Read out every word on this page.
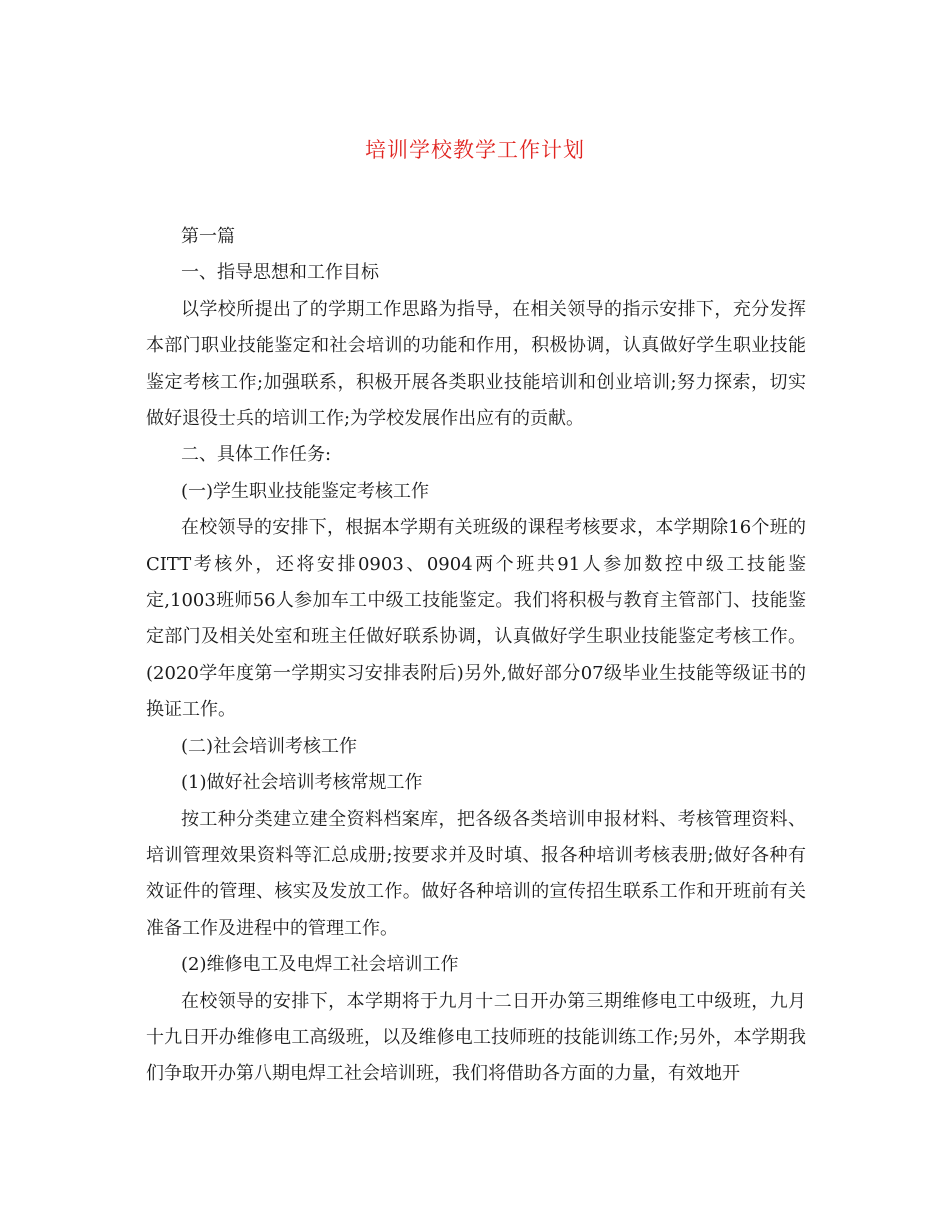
培训学校教学工作计划

第一篇

一、指导思想和工作目标

以学校所提出了的学期工作思路为指导，在相关领导的指示安排下，充分发挥本部门职业技能鉴定和社会培训的功能和作用，积极协调，认真做好学生职业技能鉴定考核工作;加强联系，积极开展各类职业技能培训和创业培训;努力探索，切实做好退役士兵的培训工作;为学校发展作出应有的贡献。

二、具体工作任务:

(一)学生职业技能鉴定考核工作

在校领导的安排下，根据本学期有关班级的课程考核要求，本学期除16个班的CITT考核外，还将安排0903、0904两个班共91人参加数控中级工技能鉴定,1003班师56人参加车工中级工技能鉴定。我们将积极与教育主管部门、技能鉴定部门及相关处室和班主任做好联系协调，认真做好学生职业技能鉴定考核工作。(2020学年度第一学期实习安排表附后)另外,做好部分07级毕业生技能等级证书的换证工作。

(二)社会培训考核工作

(1)做好社会培训考核常规工作

按工种分类建立建全资料档案库，把各级各类培训申报材料、考核管理资料、培训管理效果资料等汇总成册;按要求并及时填、报各种培训考核表册;做好各种有效证件的管理、核实及发放工作。做好各种培训的宣传招生联系工作和开班前有关准备工作及进程中的管理工作。

(2)维修电工及电焊工社会培训工作

在校领导的安排下，本学期将于九月十二日开办第三期维修电工中级班，九月十九日开办维修电工高级班，以及维修电工技师班的技能训练工作;另外，本学期我们争取开办第八期电焊工社会培训班，我们将借助各方面的力量，有效地开
